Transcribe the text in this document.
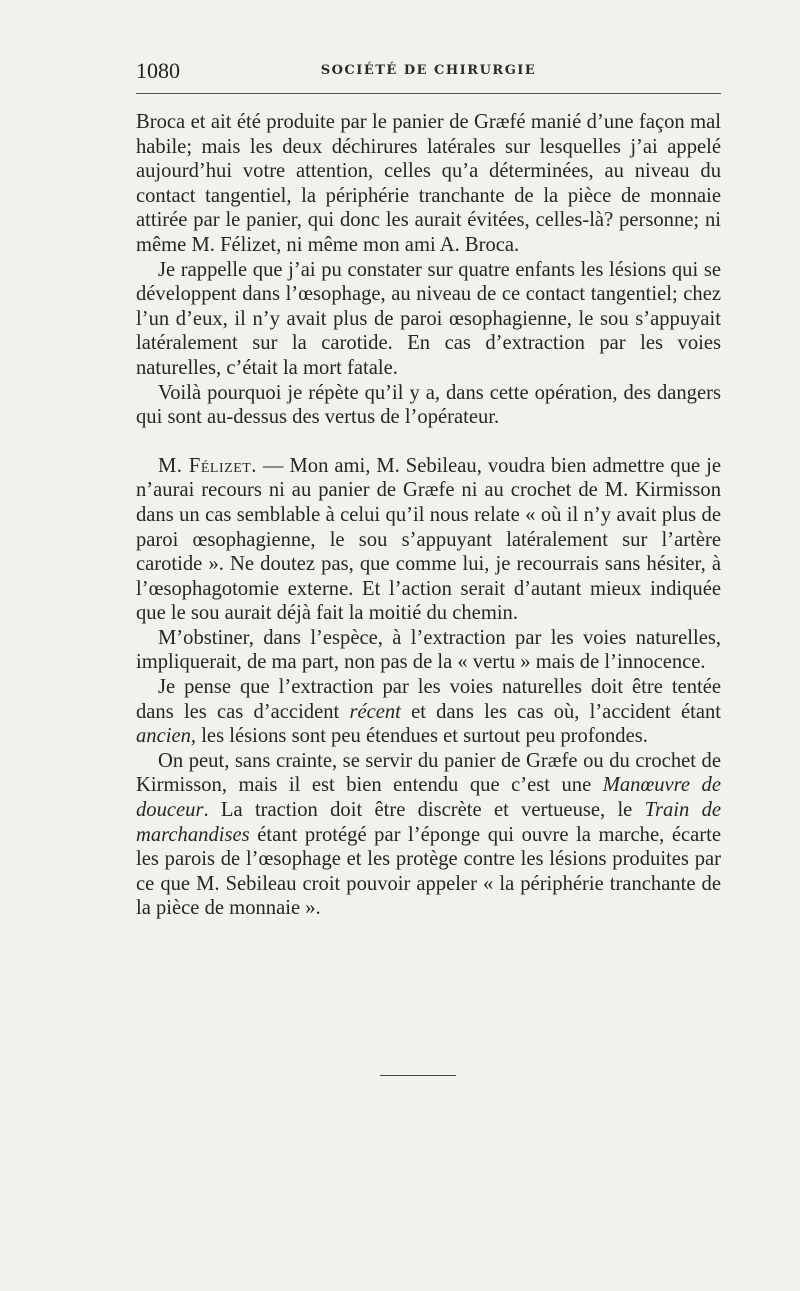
1080	SOCIÉTÉ DE CHIRURGIE

Broca et ait été produite par le panier de Græfé manié d’une façon mal habile; mais les deux déchirures latérales sur lesquelles j’ai appelé aujourd’hui votre attention, celles qu’a déterminées, au niveau du contact tangentiel, la périphérie tranchante de la pièce de monnaie attirée par le panier, qui donc les aurait évitées, celles-là? personne; ni même M. Félizet, ni même mon ami A. Broca.

Je rappelle que j’ai pu constater sur quatre enfants les lésions qui se développent dans l’œsophage, au niveau de ce contact tangentiel; chez l’un d’eux, il n’y avait plus de paroi œsophagienne, le sou s’appuyait latéralement sur la carotide. En cas d’extraction par les voies naturelles, c’était la mort fatale.

Voilà pourquoi je répète qu’il y a, dans cette opération, des dangers qui sont au-dessus des vertus de l’opérateur.

M. Félizet. — Mon ami, M. Sebileau, voudra bien admettre que je n’aurai recours ni au panier de Græfe ni au crochet de M. Kirmisson dans un cas semblable à celui qu’il nous relate « où il n’y avait plus de paroi œsophagienne, le sou s’appuyant latéralement sur l’artère carotide ». Ne doutez pas, que comme lui, je recourrais sans hésiter, à l’œsophagotomie externe. Et l’action serait d’autant mieux indiquée que le sou aurait déjà fait la moitié du chemin.

M’obstiner, dans l’espèce, à l’extraction par les voies naturelles, impliquerait, de ma part, non pas de la « vertu » mais de l’innocence.

Je pense que l’extraction par les voies naturelles doit être tentée dans les cas d’accident récent et dans les cas où, l’accident étant ancien, les lésions sont peu étendues et surtout peu profondes.

On peut, sans crainte, se servir du panier de Græfe ou du crochet de Kirmisson, mais il est bien entendu que c’est une Manœuvre de douceur. La traction doit être discrète et vertueuse, le Train de marchandises étant protégé par l’éponge qui ouvre la marche, écarte les parois de l’œsophage et les protège contre les lésions produites par ce que M. Sebileau croit pouvoir appeler « la périphérie tranchante de la pièce de monnaie ».
